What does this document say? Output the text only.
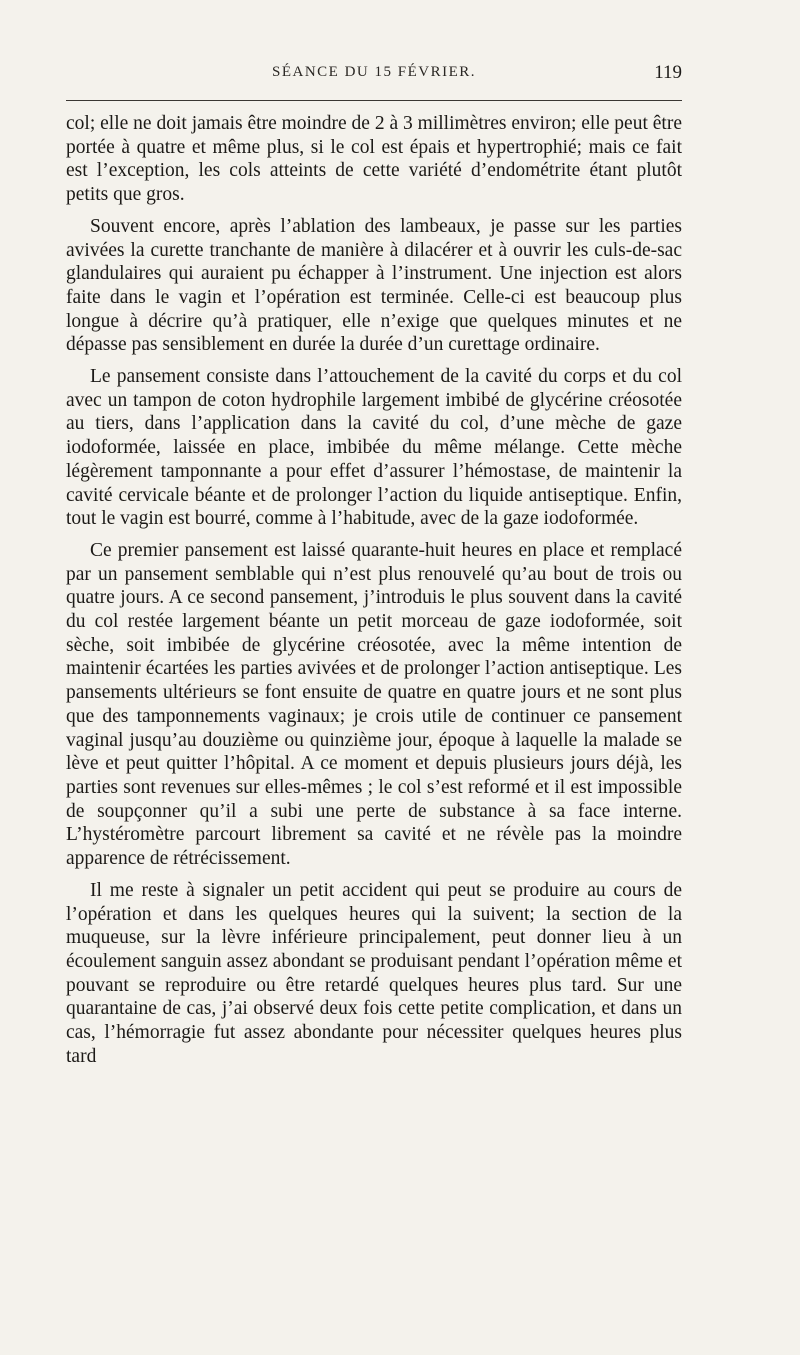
SÉANCE DU 15 FÉVRIER.	119

col; elle ne doit jamais être moindre de 2 à 3 millimètres environ; elle peut être portée à quatre et même plus, si le col est épais et hypertrophié; mais ce fait est l’exception, les cols atteints de cette variété d’endométrite étant plutôt petits que gros.

Souvent encore, après l’ablation des lambeaux, je passe sur les parties avivées la curette tranchante de manière à dilacérer et à ouvrir les culs-de-sac glandulaires qui auraient pu échapper à l’instrument. Une injection est alors faite dans le vagin et l’opération est terminée. Celle-ci est beaucoup plus longue à décrire qu’à pratiquer, elle n’exige que quelques minutes et ne dépasse pas sensiblement en durée la durée d’un curettage ordinaire.

Le pansement consiste dans l’attouchement de la cavité du corps et du col avec un tampon de coton hydrophile largement imbibé de glycérine créosotée au tiers, dans l’application dans la cavité du col, d’une mèche de gaze iodoformée, laissée en place, imbibée du même mélange. Cette mèche légèrement tamponnante a pour effet d’assurer l’hémostase, de maintenir la cavité cervicale béante et de prolonger l’action du liquide antiseptique. Enfin, tout le vagin est bourré, comme à l’habitude, avec de la gaze iodoformée.

Ce premier pansement est laissé quarante-huit heures en place et remplacé par un pansement semblable qui n’est plus renouvelé qu’au bout de trois ou quatre jours. A ce second pansement, j’introduis le plus souvent dans la cavité du col restée largement béante un petit morceau de gaze iodoformée, soit sèche, soit imbibée de glycérine créosotée, avec la même intention de maintenir écartées les parties avivées et de prolonger l’action antiseptique. Les pansements ultérieurs se font ensuite de quatre en quatre jours et ne sont plus que des tamponnements vaginaux; je crois utile de continuer ce pansement vaginal jusqu’au douzième ou quinzième jour, époque à laquelle la malade se lève et peut quitter l’hôpital. A ce moment et depuis plusieurs jours déjà, les parties sont revenues sur elles-mêmes ; le col s’est reformé et il est impossible de soupçonner qu’il a subi une perte de substance à sa face interne. L’hystéromètre parcourt librement sa cavité et ne révèle pas la moindre apparence de rétrécissement.

Il me reste à signaler un petit accident qui peut se produire au cours de l’opération et dans les quelques heures qui la suivent; la section de la muqueuse, sur la lèvre inférieure principalement, peut donner lieu à un écoulement sanguin assez abondant se produisant pendant l’opération même et pouvant se reproduire ou être retardé quelques heures plus tard. Sur une quarantaine de cas, j’ai observé deux fois cette petite complication, et dans un cas, l’hémorragie fut assez abondante pour nécessiter quelques heures plus tard
